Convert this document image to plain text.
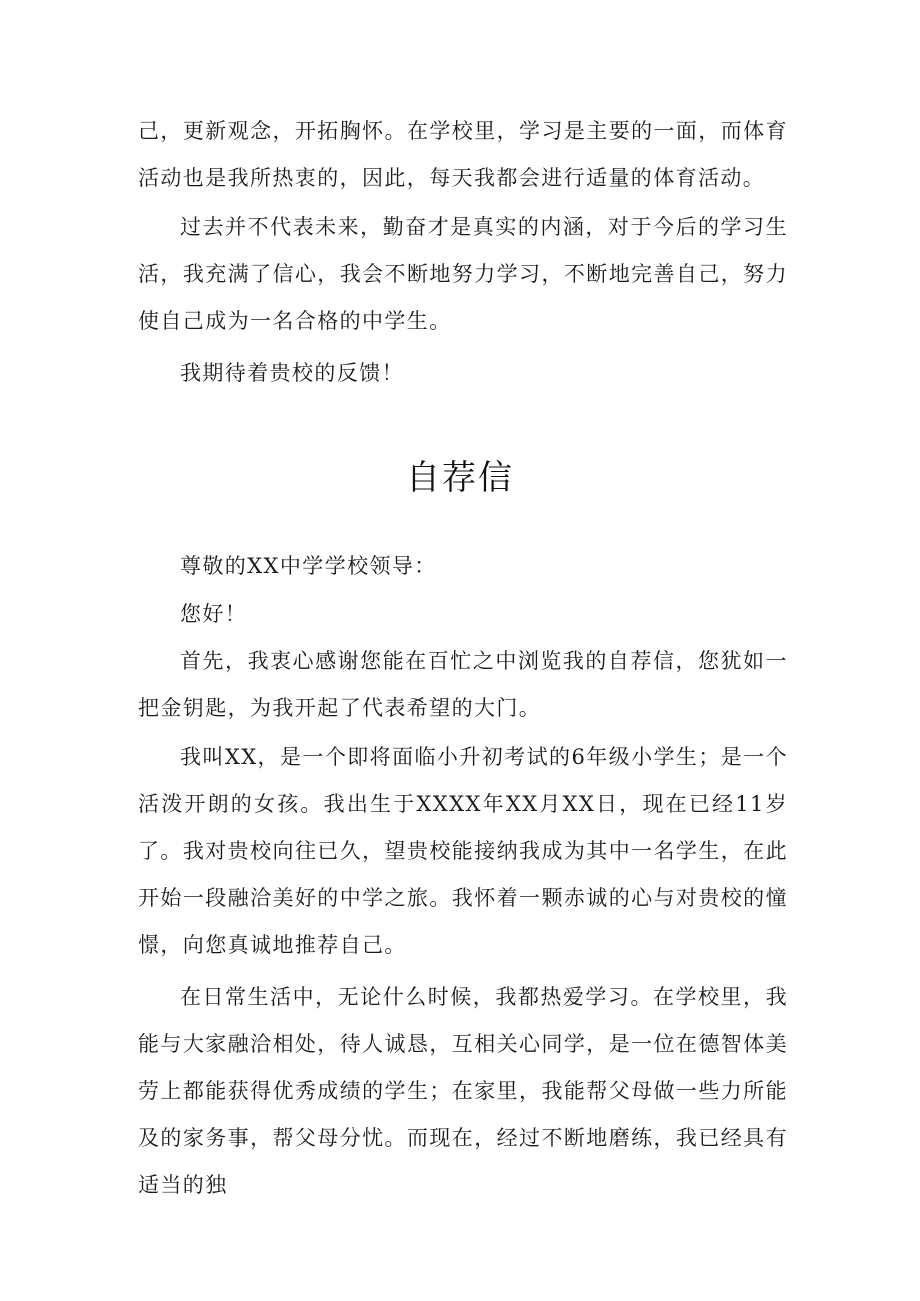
己，更新观念，开拓胸怀。在学校里，学习是主要的一面，而体育活动也是我所热衷的，因此，每天我都会进行适量的体育活动。

过去并不代表未来，勤奋才是真实的内涵，对于今后的学习生活，我充满了信心，我会不断地努力学习，不断地完善自己，努力使自己成为一名合格的中学生。

我期待着贵校的反馈！

自荐信

尊敬的XX中学学校领导：

您好！

首先，我衷心感谢您能在百忙之中浏览我的自荐信，您犹如一把金钥匙，为我开起了代表希望的大门。

我叫XX，是一个即将面临小升初考试的6年级小学生；是一个活泼开朗的女孩。我出生于XXXX年XX月XX日，现在已经11岁了。我对贵校向往已久，望贵校能接纳我成为其中一名学生，在此开始一段融洽美好的中学之旅。我怀着一颗赤诚的心与对贵校的憧憬，向您真诚地推荐自己。

在日常生活中，无论什么时候，我都热爱学习。在学校里，我能与大家融洽相处，待人诚恳，互相关心同学，是一位在德智体美劳上都能获得优秀成绩的学生；在家里，我能帮父母做一些力所能及的家务事，帮父母分忧。而现在，经过不断地磨练，我已经具有适当的独
